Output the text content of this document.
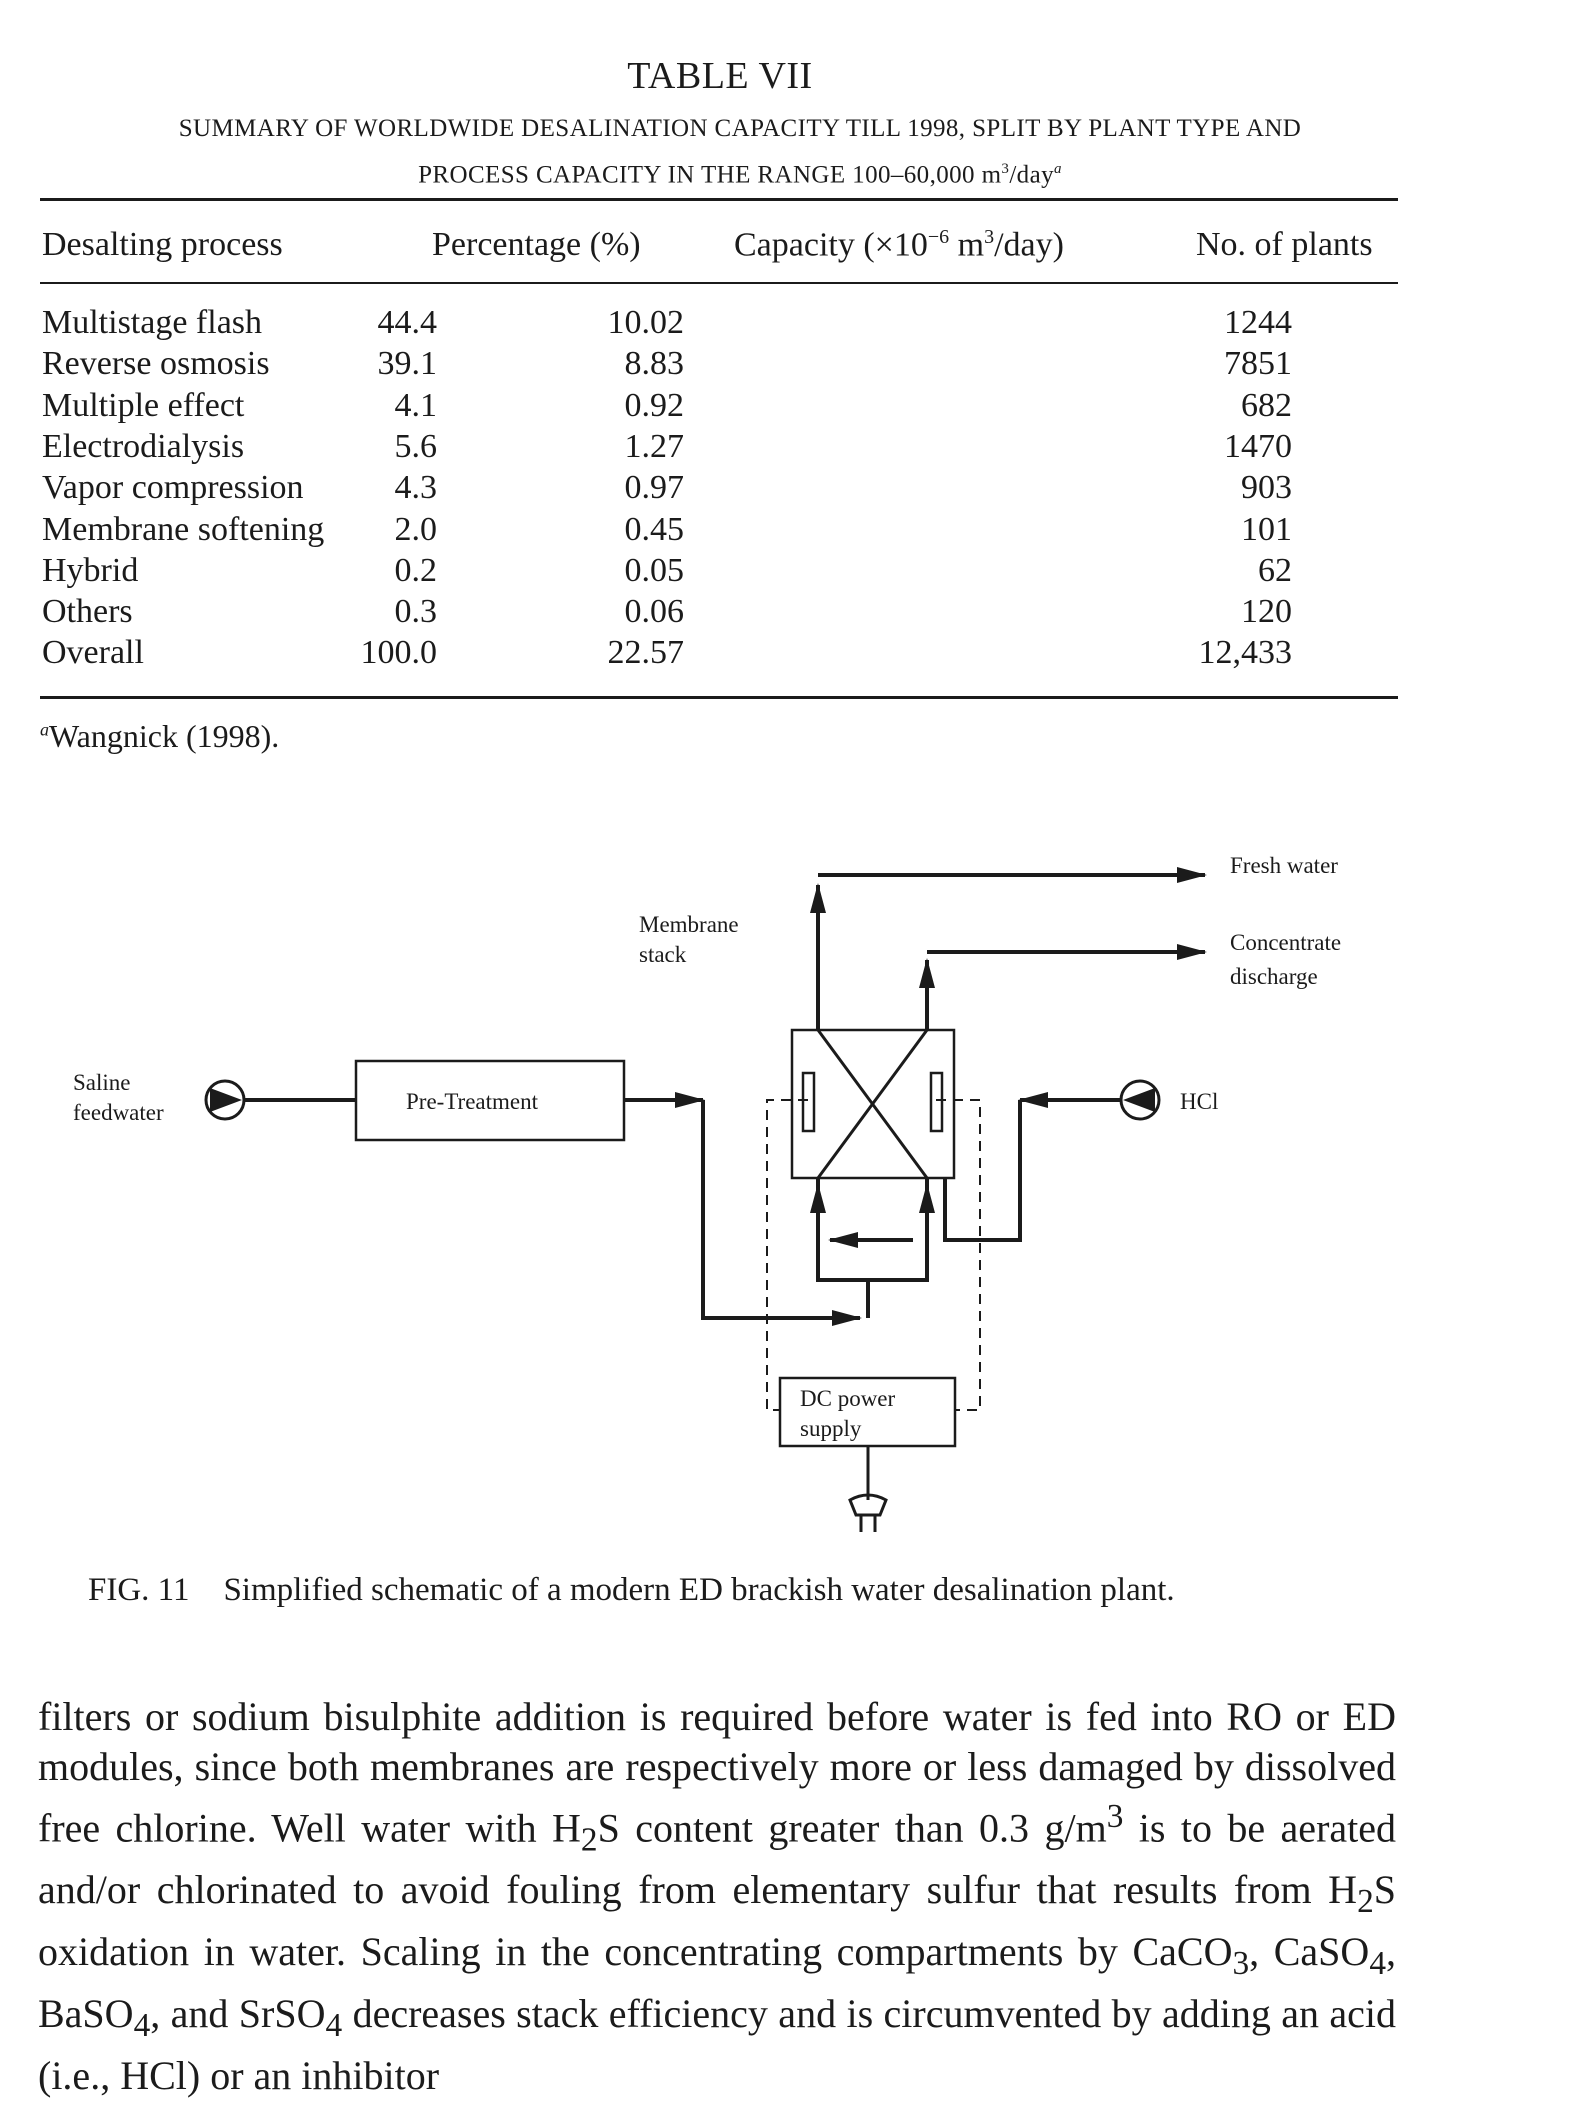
TABLE VII
SUMMARY OF WORLDWIDE DESALINATION CAPACITY TILL 1998, SPLIT BY PLANT TYPE AND
PROCESS CAPACITY IN THE RANGE 100–60,000 $m^3/day^a$
Desalting process	Percentage (%)	Capacity ($\times 10^{-6}$ $m^3/day$)	No. of plants
Multistage flash	44.4	10.02	1244
Reverse osmosis	39.1	8.83	7851
Multiple effect	4.1	0.92	682
Electrodialysis	5.6	1.27	1470
Vapor compression	4.3	0.97	903
Membrane softening 2.0	0.45	101
Hybrid	0.2	0.05	62
Others	0.3	0.06	120
Overall	100.0	22.57	12,433
$^a$Wangnick (1998).
Fresh water
Concentrate
discharge
Membrane
stack
Saline
feedwater	Pre-Treatment	HCl
DC power
supply
FIG. 11 Simplified schematic of a modern ED brackish water desalination plant.

filters or sodium bisulphite addition is required before water is fed into RO or ED modules, since both membranes are respectively more or less damaged by dissolved free chlorine. Well water with $H_2S$ content greater than 0.3 $g/m^3$ is to be aerated and/or chlorinated to avoid fouling from elementary sulfur that results from $H_2S$ oxidation in water. Scaling in the concentrating compartments by CaCO$_3$, CaSO$_4$, BaSO$_4$, and SrSO$_4$ decreases stack efficiency and is circumvented by adding an acid (i.e., HCl) or an inhibitor
